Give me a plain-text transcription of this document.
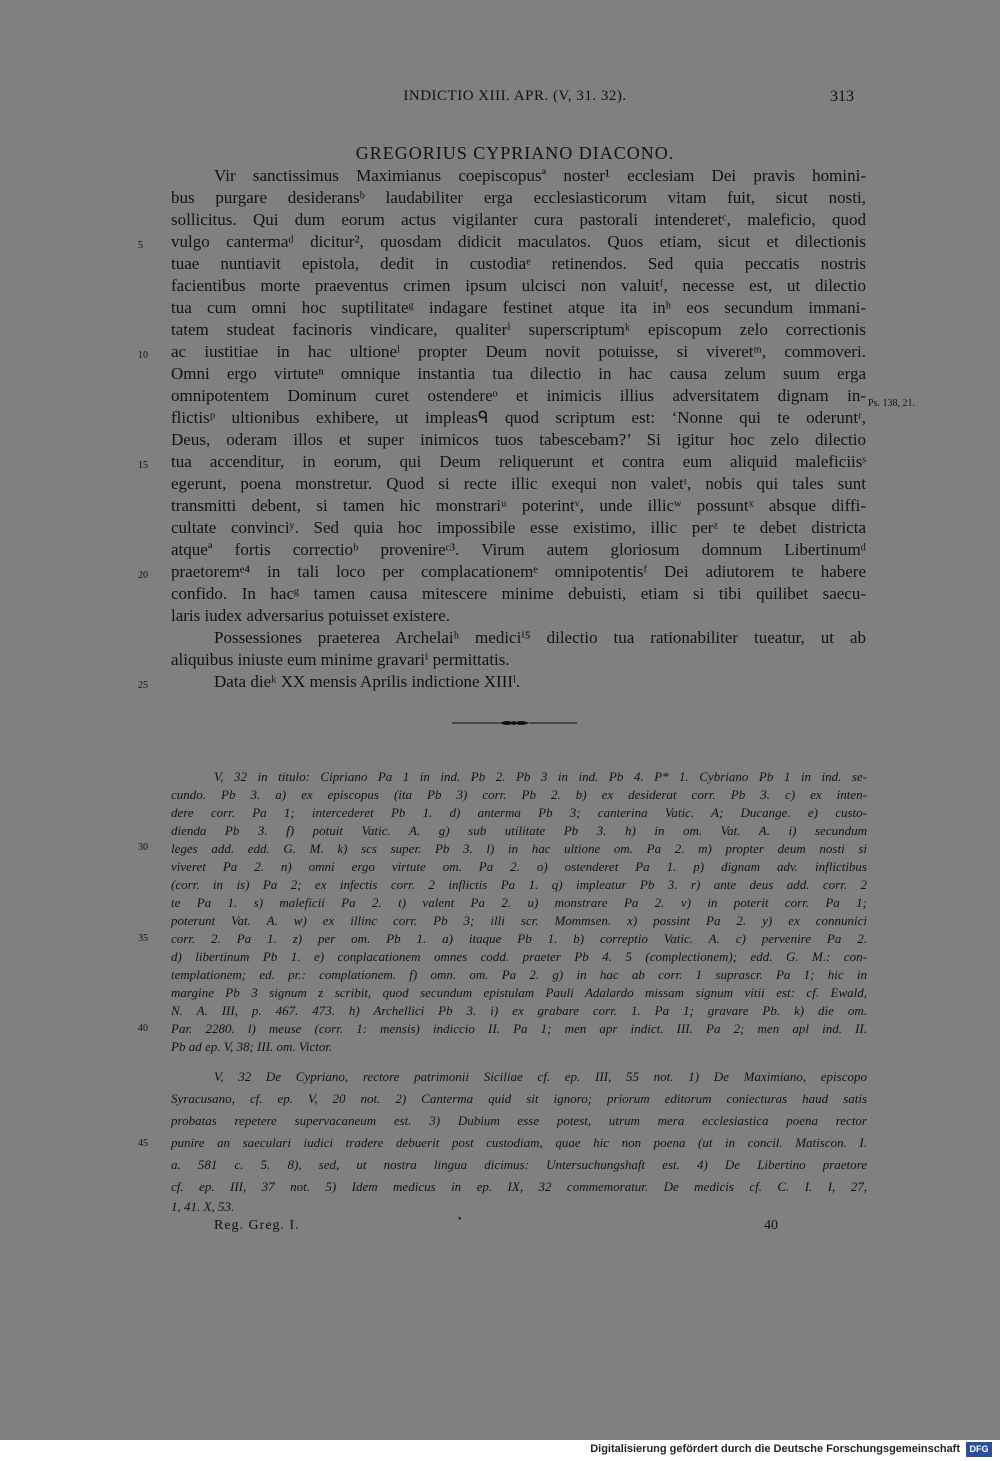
INDICTIO XIII. APR. (V, 31. 32).	313
GREGORIUS CYPRIANO DIACONO.
Vir sanctissimus Maximianus coepiscopusª noster¹ ecclesiam Dei pravis homini-
bus purgare desideransᵇ laudabiliter erga ecclesiasticorum vitam fuit, sicut nosti,
sollicitus. Qui dum eorum actus vigilanter cura pastorali intenderetᶜ, maleficio, quod
vulgo cantermaᵈ dicitur², quosdam didicit maculatos. Quos etiam, sicut et dilectionis
tuae nuntiavit epistola, dedit in custodiaᵉ retinendos. Sed quia peccatis nostris
facientibus morte praeventus crimen ipsum ulcisci non valuitᶠ, necesse est, ut dilectio
tua cum omni hoc suptilitateᵍ indagare festinet atque ita inʰ eos secundum immani-
tatem studeat facinoris vindicare, qualiterⁱ superscriptumᵏ episcopum zelo correctionis
ac iustitiae in hac ultioneˡ propter Deum novit potuisse, si viveretᵐ, commoveri.
Omni ergo virtuteⁿ omnique instantia tua dilectio in hac causa zelum suum erga
omnipotentem Dominum curet ostendereᵒ et inimicis illius adversitatem dignam in-
flictisᵖ ultionibus exhibere, ut impleasᑫ quod scriptum est: ‘Nonne qui te oderuntʳ,
Deus, oderam illos et super inimicos tuos tabescebam?’ Si igitur hoc zelo dilectio
tua accenditur, in eorum, qui Deum reliquerunt et contra eum aliquid maleficiisˢ
egerunt, poena monstretur. Quod si recte illic exequi non valetᵗ, nobis qui tales sunt
transmitti debent, si tamen hic monstrariᵘ poterintᵛ, unde illicʷ possuntˣ absque diffi-
cultate convinciʸ. Sed quia hoc impossibile esse existimo, illic perᶻ te debet districta
atqueª fortis correctioᵇ provenireᶜ³. Virum autem gloriosum domnum Libertinumᵈ
praetoremᵉ⁴ in tali loco per complacationemᵉ omnipotentisᶠ Dei adiutorem te habere
confido. In hacᵍ tamen causa mitescere minime debuisti, etiam si tibi quilibet saecu-
laris iudex adversarius potuisset existere.
Possessiones praeterea Archelaiʰ mediciⁱ⁵ dilectio tua rationabiliter tueatur, ut ab
aliquibus iniuste eum minime gravariⁱ permittatis.
Data dieᵏ XX mensis Aprilis indictione XIIIˡ.
5
10
15
20
25
Ps. 138, 21.
V, 32 in titulo: Cipriano Pa 1 in ind. Pb 2. Pb 3 in ind. Pb 4. P* 1. Cybriano Pb 1 in ind. se-
cundo. Pb 3. a) ex episcopus (ita Pb 3) corr. Pb 2. b) ex desiderat corr. Pb 3. c) ex inten-
dere corr. Pa 1; intercederet Pb 1. d) anterma Pb 3; canterina Vatic. A; Ducange. e) custo-
dienda Pb 3. f) potuit Vatic. A. g) sub utilitate Pb 3. h) in om. Vat. A. i) secundum
leges add. edd. G. M. k) scs super. Pb 3. l) in hac ultione om. Pa 2. m) propter deum nosti si
viveret Pa 2. n) omni ergo virtute om. Pa 2. o) ostenderet Pa 1. p) dignam adv. inflictibus
(corr. in is) Pa 2; ex infectis corr. 2 inflictis Pa 1. q) impleatur Pb 3. r) ante deus add. corr. 2
te Pa 1. s) maleficii Pa 2. t) valent Pa 2. u) monstrare Pa 2. v) in poterit corr. Pa 1;
poterunt Vat. A. w) ex illinc corr. Pb 3; illi scr. Mommsen. x) possint Pa 2. y) ex connunici
corr. 2. Pa 1. z) per om. Pb 1. a) itaque Pb 1. b) correptio Vatic. A. c) pervenire Pa 2.
d) libertinum Pb 1. e) conplacationem omnes codd. praeter Pb 4. 5 (complectionem); edd. G. M.: con-
templationem; ed. pr.: complationem. f) omn. om. Pa 2. g) in hac ab corr. 1 suprascr. Pa 1; hic in
margine Pb 3 signum z scribit, quod secundum epistulam Pauli Adalardo missam signum vitii est: cf. Ewald,
N. A. III, p. 467. 473. h) Archellici Pb 3. i) ex grabare corr. 1. Pa 1; gravare Pb. k) die om.
Par. 2280. l) meuse (corr. 1: mensis) indiccio II. Pa 1; men apr indict. III. Pa 2; men apl ind. II.
Pb ad ep. V, 38; III. om. Victor.
30
35
40
V, 32 De Cypriano, rectore patrimonii Siciliae cf. ep. III, 55 not. 1) De Maximiano, episcopo
Syracusano, cf. ep. V, 20 not. 2) Canterma quid sit ignoro; priorum editorum coniecturas haud satis
probatas repetere supervacaneum est. 3) Dubium esse potest, utrum mera ecclesiastica poena rector
punire an saeculari iudici tradere debuerit post custodiam, quae hic non poena (ut in concil. Matiscon. I.
a. 581 c. 5. 8), sed, ut nostra lingua dicimus: Untersuchungshaft est. 4) De Libertino praetore
cf. ep. III, 37 not. 5) Idem medicus in ep. IX, 32 commemoratur. De medicis cf. C. I. I, 27,
1, 41. X, 53.
45
•
Reg. Greg. I.	40
Digitalisierung gefördert durch die Deutsche Forschungsgemeinschaft	DFG
